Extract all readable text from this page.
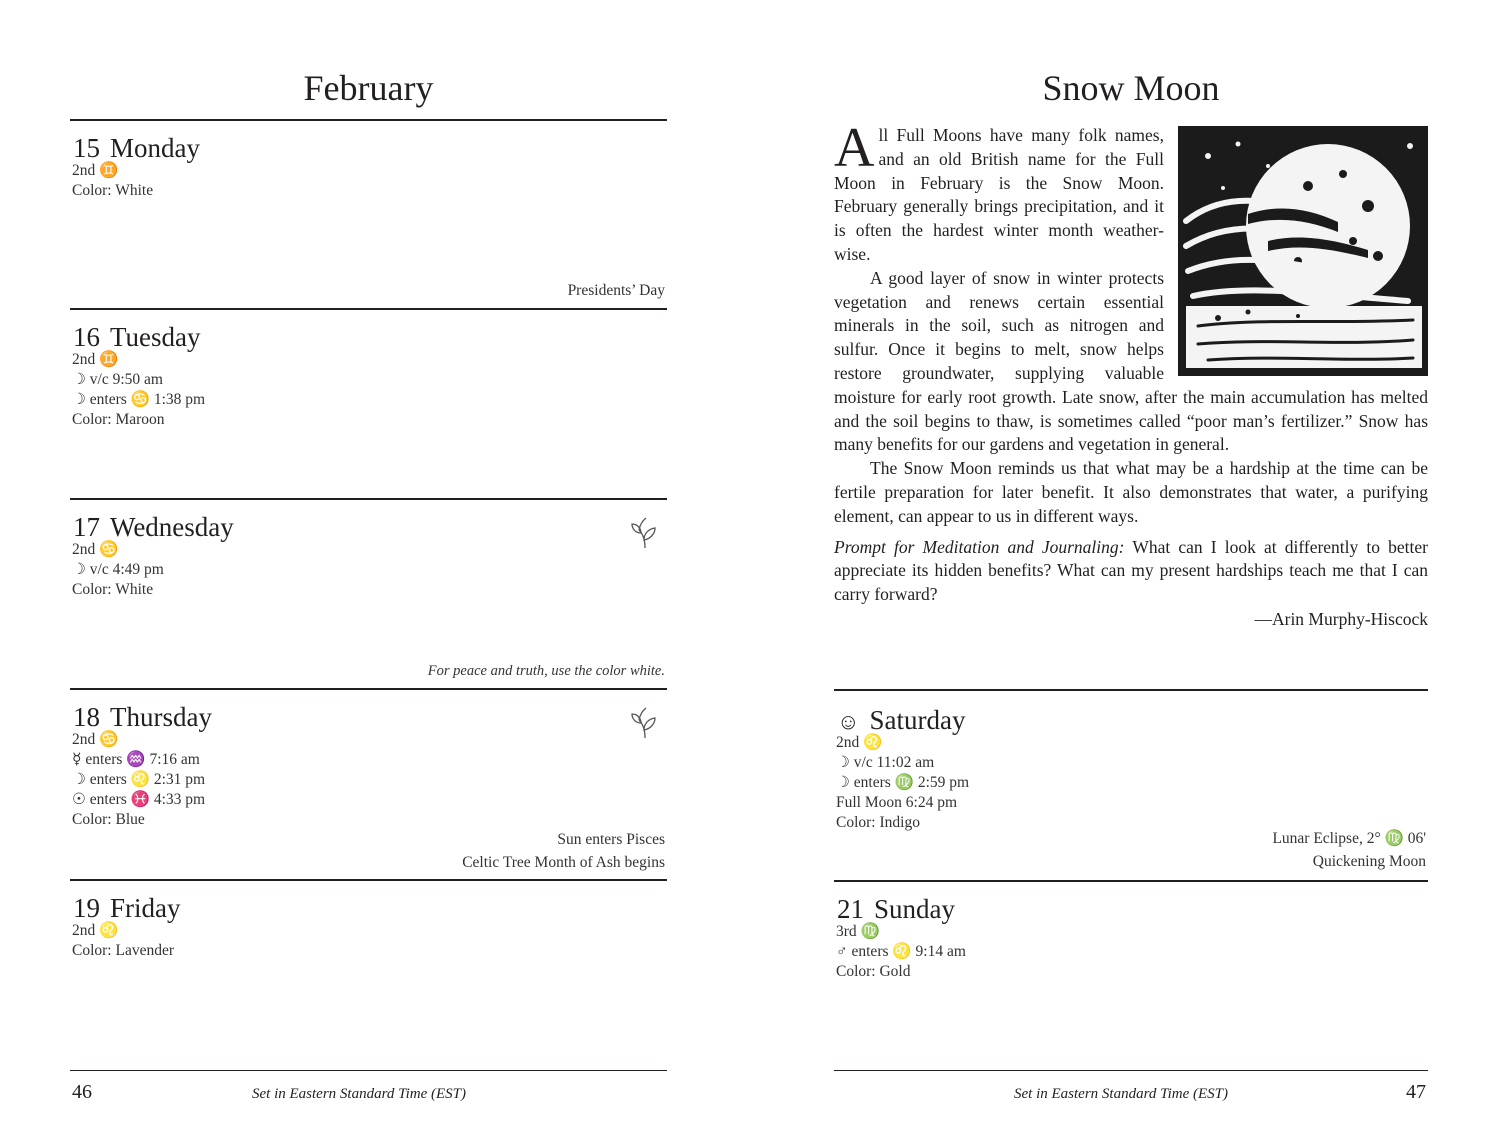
February
15 Monday
2nd ♊
Color: White
Presidents’ Day
16 Tuesday
2nd ♊
☽ v/c 9:50 am
☽ enters ♋ 1:38 pm
Color: Maroon
17 Wednesday
2nd ♋
☽ v/c 4:49 pm
Color: White
For peace and truth, use the color white.
18 Thursday
2nd ♋
☿ enters ♒ 7:16 am
☽ enters ♌ 2:31 pm
☉ enters ♓ 4:33 pm
Color: Blue
Sun enters Pisces
Celtic Tree Month of Ash begins
19 Friday
2nd ♌
Color: Lavender
46	Set in Eastern Standard Time (EST)
Snow Moon

All Full Moons have many folk names, and an old British name for the Full Moon in February is the Snow Moon. February generally brings precipitation, and it is often the hardest winter month weather-wise.

A good layer of snow in winter protects vegetation and renews certain essential minerals in the soil, such as nitrogen and sulfur. Once it begins to melt, snow helps restore groundwater, supplying valuable moisture for early root growth. Late snow, after the main accumulation has melted and the soil begins to thaw, is sometimes called “poor man’s fertilizer.” Snow has many benefits for our gardens and vegetation in general.

The Snow Moon reminds us that what may be a hardship at the time can be fertile preparation for later benefit. It also demonstrates that water, a purifying element, can appear to us in different ways.

Prompt for Meditation and Journaling: What can I look at differently to better appreciate its hidden benefits? What can my present hardships teach me that I can carry forward?

—Arin Murphy-Hiscock
☺ Saturday
2nd ♌
☽ v/c 11:02 am
☽ enters ♍ 2:59 pm
Full Moon 6:24 pm
Color: Indigo
Lunar Eclipse, 2° ♍ 06'
Quickening Moon
21 Sunday
3rd ♍
♂ enters ♌ 9:14 am
Color: Gold
Set in Eastern Standard Time (EST)	47
